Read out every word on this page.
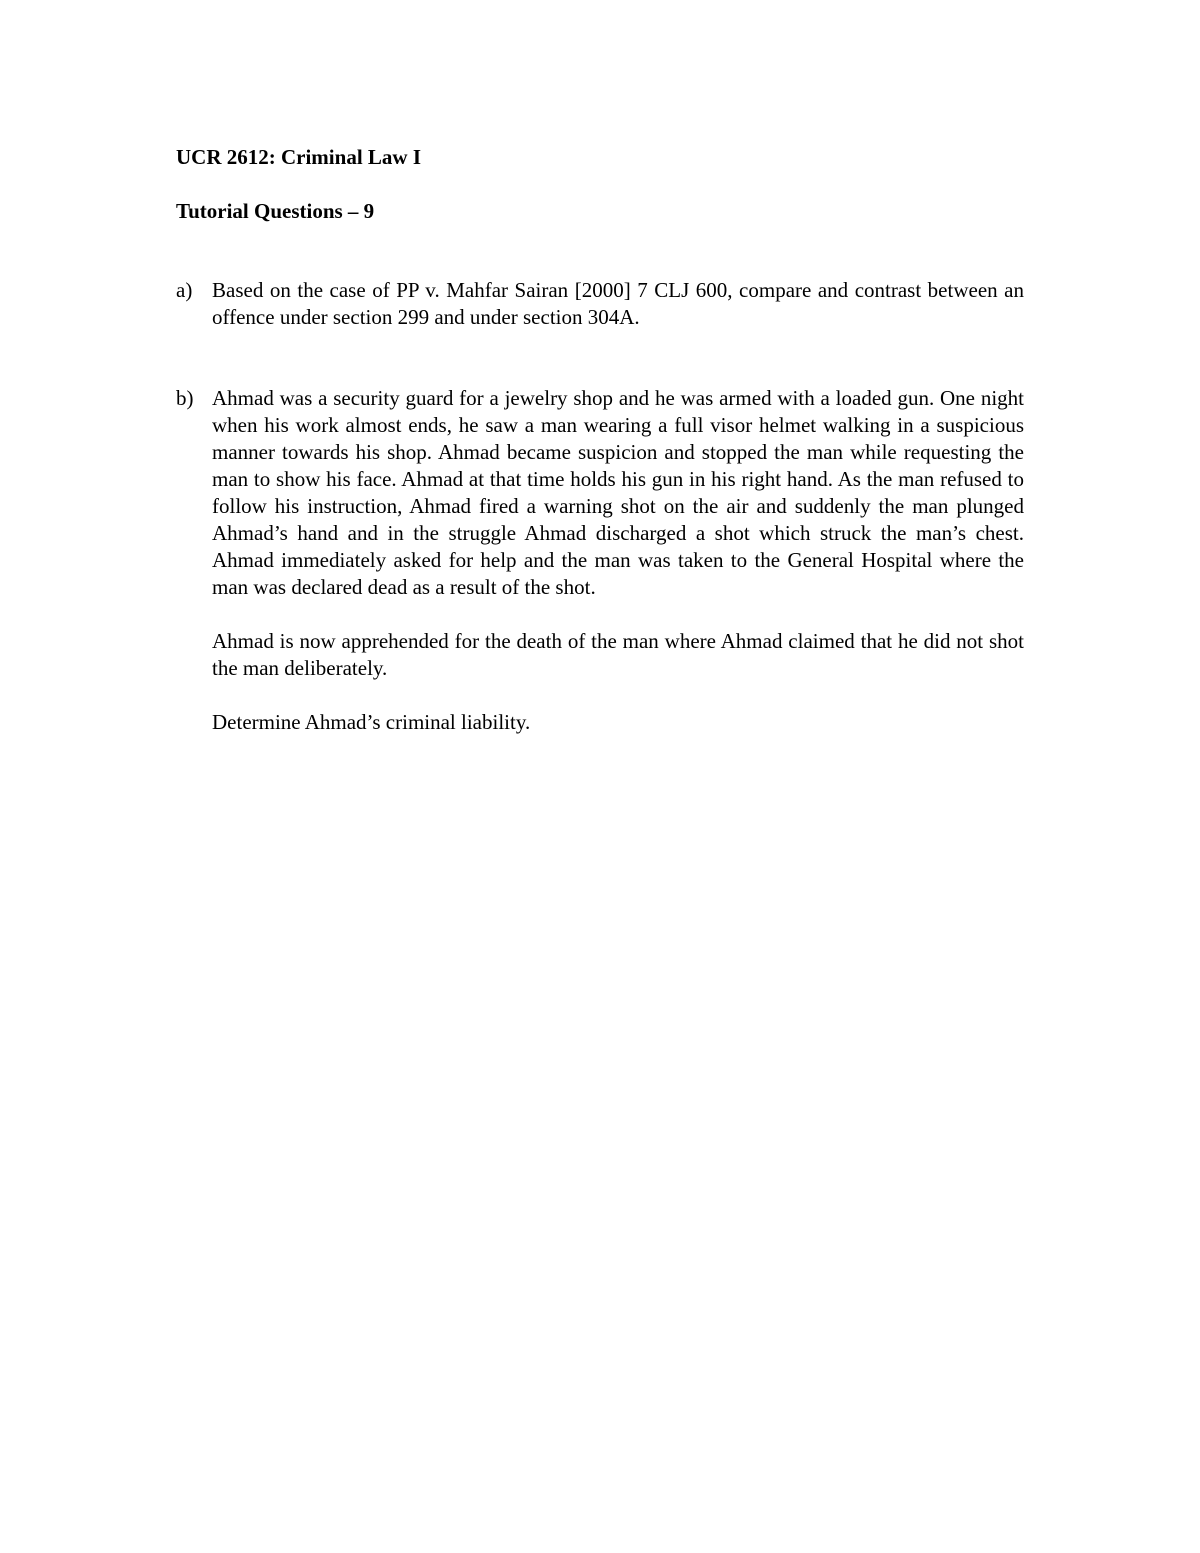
UCR 2612: Criminal Law I
Tutorial Questions – 9
a) Based on the case of PP v. Mahfar Sairan [2000] 7 CLJ 600, compare and contrast between an offence under section 299 and under section 304A.

b) Ahmad was a security guard for a jewelry shop and he was armed with a loaded gun. One night when his work almost ends, he saw a man wearing a full visor helmet walking in a suspicious manner towards his shop. Ahmad became suspicion and stopped the man while requesting the man to show his face. Ahmad at that time holds his gun in his right hand. As the man refused to follow his instruction, Ahmad fired a warning shot on the air and suddenly the man plunged Ahmad’s hand and in the struggle Ahmad discharged a shot which struck the man’s chest. Ahmad immediately asked for help and the man was taken to the General Hospital where the man was declared dead as a result of the shot.

Ahmad is now apprehended for the death of the man where Ahmad claimed that he did not shot the man deliberately.

Determine Ahmad’s criminal liability.
